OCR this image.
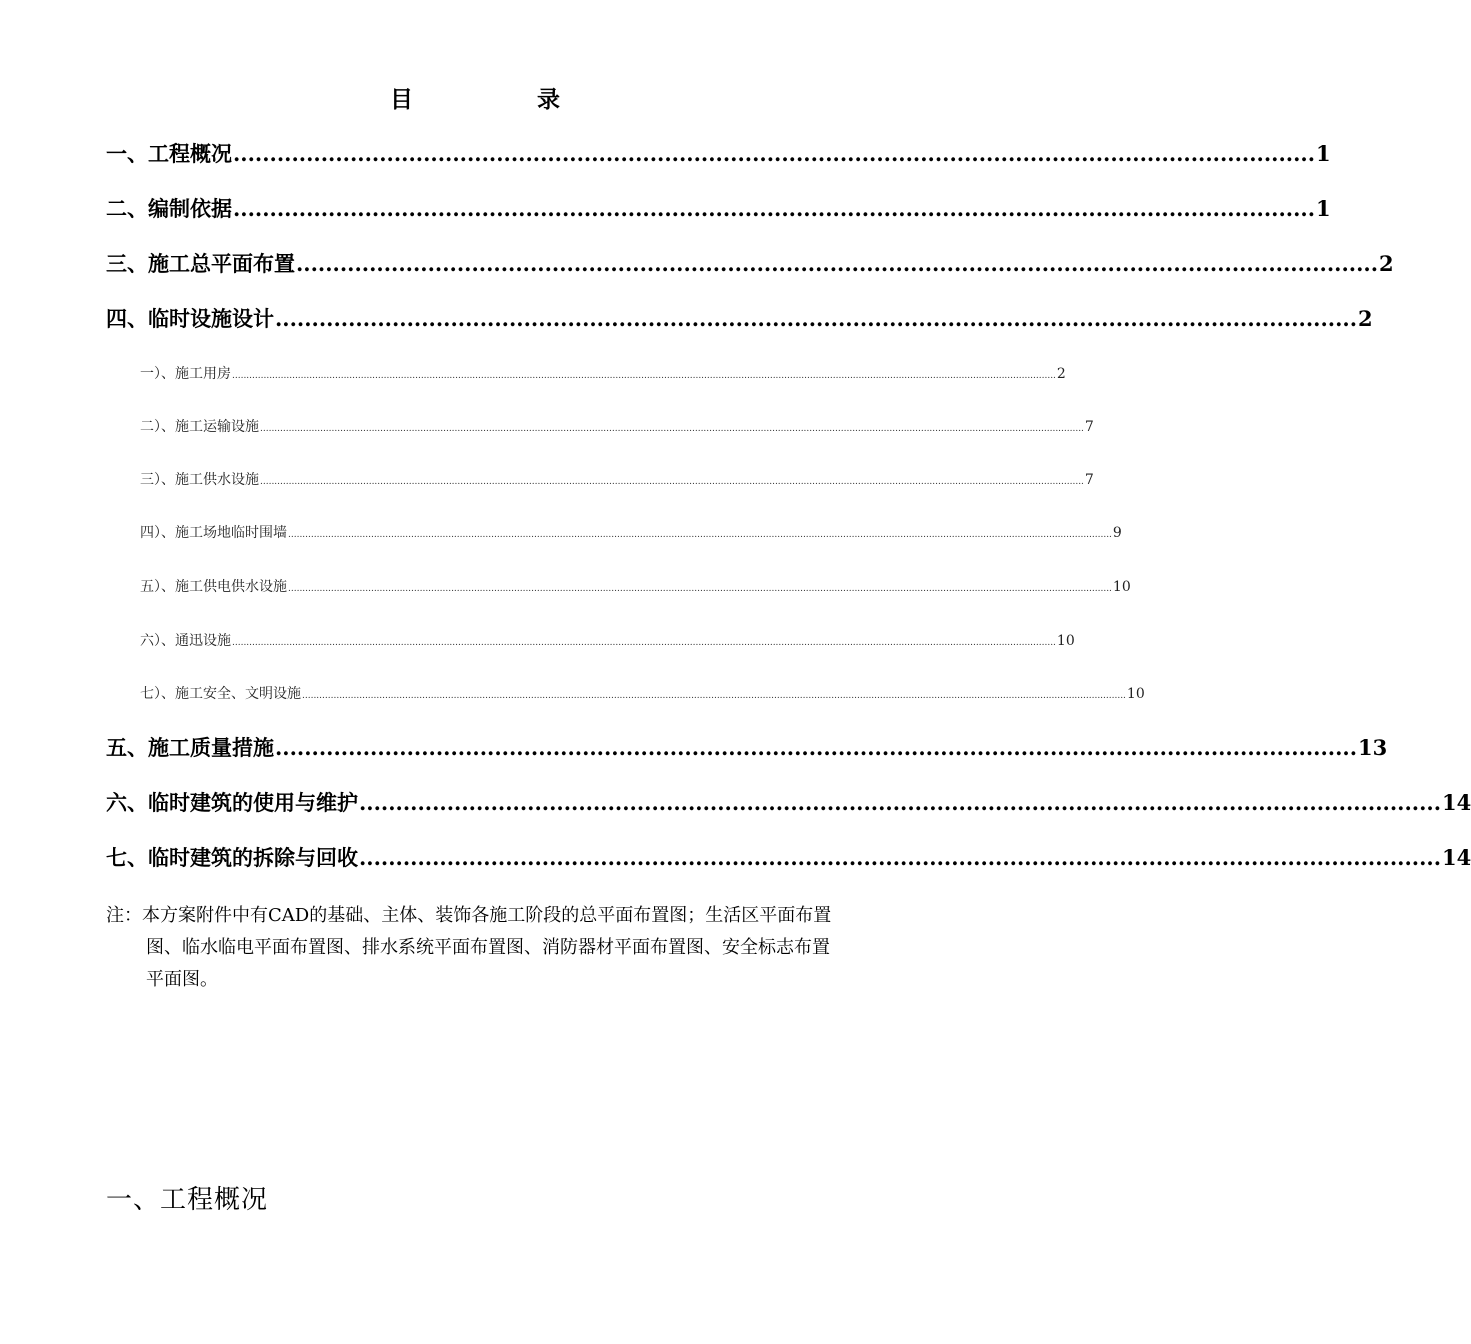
目 录
一、工程概况 .................................................................................................................................................... 1
二、编制依据 .................................................................................................................................................... 1
三、施工总平面布置 .................................................................................................................................................... 2
四、临时设施设计 .................................................................................................................................................... 2
一）、施工用房 ................................................................................................................................................................................................................................................................................................ 2
二）、施工运输设施 ................................................................................................................................................................................................................................................................................................ 7
三）、施工供水设施 ................................................................................................................................................................................................................................................................................................ 7
四）、施工场地临时围墙 ................................................................................................................................................................................................................................................................................................ 9
五）、施工供电供水设施 ................................................................................................................................................................................................................................................................................................ 10
六）、通迅设施 ................................................................................................................................................................................................................................................................................................ 10
七）、施工安全、文明设施 ................................................................................................................................................................................................................................................................................................ 10
五、施工质量措施 .................................................................................................................................................... 13
六、临时建筑的使用与维护 .................................................................................................................................................... 14
七、临时建筑的拆除与回收 .................................................................................................................................................... 14
注：本方案附件中有CAD的基础、主体、装饰各施工阶段的总平面布置图；生活区平面布置图、临水临电平面布置图、排水系统平面布置图、消防器材平面布置图、安全标志布置平面图。
一、工程概况
